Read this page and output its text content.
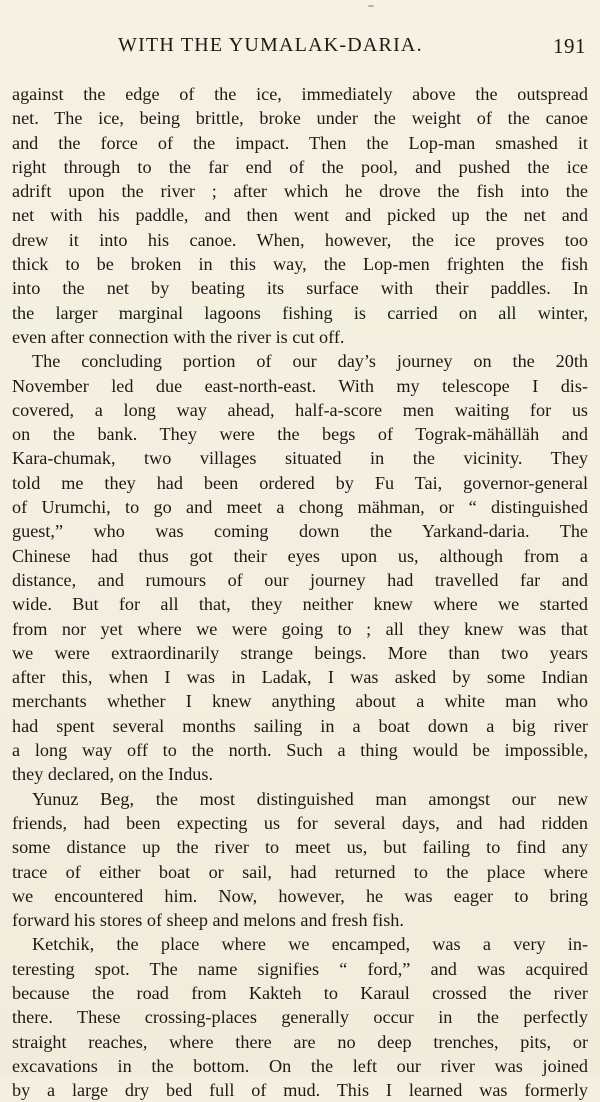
WITH THE YUMALAK-DARIA.	191
against the edge of the ice, immediately above the outspread
net. The ice, being brittle, broke under the weight of the canoe
and the force of the impact. Then the Lop-man smashed it
right through to the far end of the pool, and pushed the ice
adrift upon the river ; after which he drove the fish into the
net with his paddle, and then went and picked up the net and
drew it into his canoe. When, however, the ice proves too
thick to be broken in this way, the Lop-men frighten the fish
into the net by beating its surface with their paddles. In
the larger marginal lagoons fishing is carried on all winter,
even after connection with the river is cut off.
The concluding portion of our day’s journey on the 20th
November led due east-north-east. With my telescope I dis-
covered, a long way ahead, half-a-score men waiting for us
on the bank. They were the begs of Tograk-mähälläh and
Kara-chumak, two villages situated in the vicinity. They
told me they had been ordered by Fu Tai, governor-general
of Urumchi, to go and meet a chong mähman, or “ distinguished
guest,” who was coming down the Yarkand-daria. The
Chinese had thus got their eyes upon us, although from a
distance, and rumours of our journey had travelled far and
wide. But for all that, they neither knew where we started
from nor yet where we were going to ; all they knew was that
we were extraordinarily strange beings. More than two years
after this, when I was in Ladak, I was asked by some Indian
merchants whether I knew anything about a white man who
had spent several months sailing in a boat down a big river
a long way off to the north. Such a thing would be impossible,
they declared, on the Indus.
Yunuz Beg, the most distinguished man amongst our new
friends, had been expecting us for several days, and had ridden
some distance up the river to meet us, but failing to find any
trace of either boat or sail, had returned to the place where
we encountered him. Now, however, he was eager to bring
forward his stores of sheep and melons and fresh fish.
Ketchik, the place where we encamped, was a very in-
teresting spot. The name signifies “ ford,” and was acquired
because the road from Kakteh to Karaul crossed the river
there. These crossing-places generally occur in the perfectly
straight reaches, where there are no deep trenches, pits, or
excavations in the bottom. On the left our river was joined
by a large dry bed full of mud. This I learned was formerly
